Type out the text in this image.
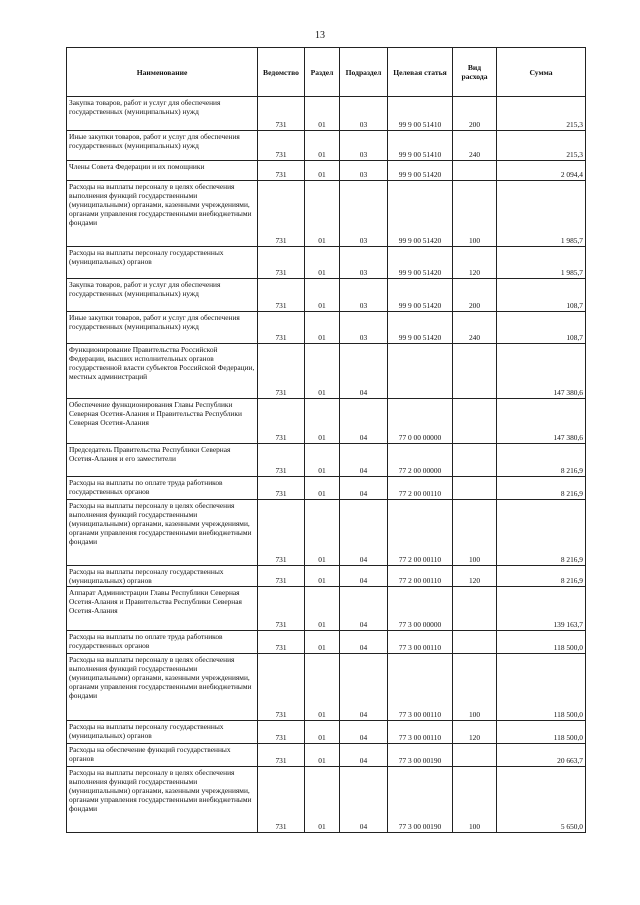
13
Наименование	Ведомство	Раздел	Подраздел	Целевая статья	Вид расхода	Сумма
Закупка товаров, работ и услуг для обеспечения государственных (муниципальных) нужд	731	01	03	99 9 00 51410	200	215,3
Иные закупки товаров, работ и услуг для обеспечения государственных (муниципальных) нужд	731	01	03	99 9 00 51410	240	215,3
Члены Совета Федерации и их помощники	731	01	03	99 9 00 51420		2 094,4
Расходы на выплаты персоналу в целях обеспечения выполнения функций государственными (муниципальными) органами, казенными учреждениями, органами управления государственными внебюджетными фондами	731	01	03	99 9 00 51420	100	1 985,7
Расходы на выплаты персоналу государственных (муниципальных) органов	731	01	03	99 9 00 51420	120	1 985,7
Закупка товаров, работ и услуг для обеспечения государственных (муниципальных) нужд	731	01	03	99 9 00 51420	200	108,7
Иные закупки товаров, работ и услуг для обеспечения государственных (муниципальных) нужд	731	01	03	99 9 00 51420	240	108,7
Функционирование Правительства Российской Федерации, высших исполнительных органов государственной власти субъектов Российской Федерации, местных администраций	731	01	04			147 380,6
Обеспечение функционирования Главы Республики Северная Осетия-Алания и Правительства Республики Северная Осетия-Алания	731	01	04	77 0 00 00000		147 380,6
Председатель Правительства Республики Северная Осетия-Алания и его заместители	731	01	04	77 2 00 00000		8 216,9
Расходы на выплаты по оплате труда работников государственных органов	731	01	04	77 2 00 00110		8 216,9
Расходы на выплаты персоналу в целях обеспечения выполнения функций государственными (муниципальными) органами, казенными учреждениями, органами управления государственными внебюджетными фондами	731	01	04	77 2 00 00110	100	8 216,9
Расходы на выплаты персоналу государственных (муниципальных) органов	731	01	04	77 2 00 00110	120	8 216,9
Аппарат Администрации Главы Республики Северная Осетия-Алания и Правительства Республики Северная Осетия-Алания	731	01	04	77 3 00 00000		139 163,7
Расходы на выплаты по оплате труда работников государственных органов	731	01	04	77 3 00 00110		118 500,0
Расходы на выплаты персоналу в целях обеспечения выполнения функций государственными (муниципальными) органами, казенными учреждениями, органами управления государственными внебюджетными фондами	731	01	04	77 3 00 00110	100	118 500,0
Расходы на выплаты персоналу государственных (муниципальных) органов	731	01	04	77 3 00 00110	120	118 500,0
Расходы на обеспечение функций государственных органов	731	01	04	77 3 00 00190		20 663,7
Расходы на выплаты персоналу в целях обеспечения выполнения функций государственными (муниципальными) органами, казенными учреждениями, органами управления государственными внебюджетными фондами	731	01	04	77 3 00 00190	100	5 650,0
